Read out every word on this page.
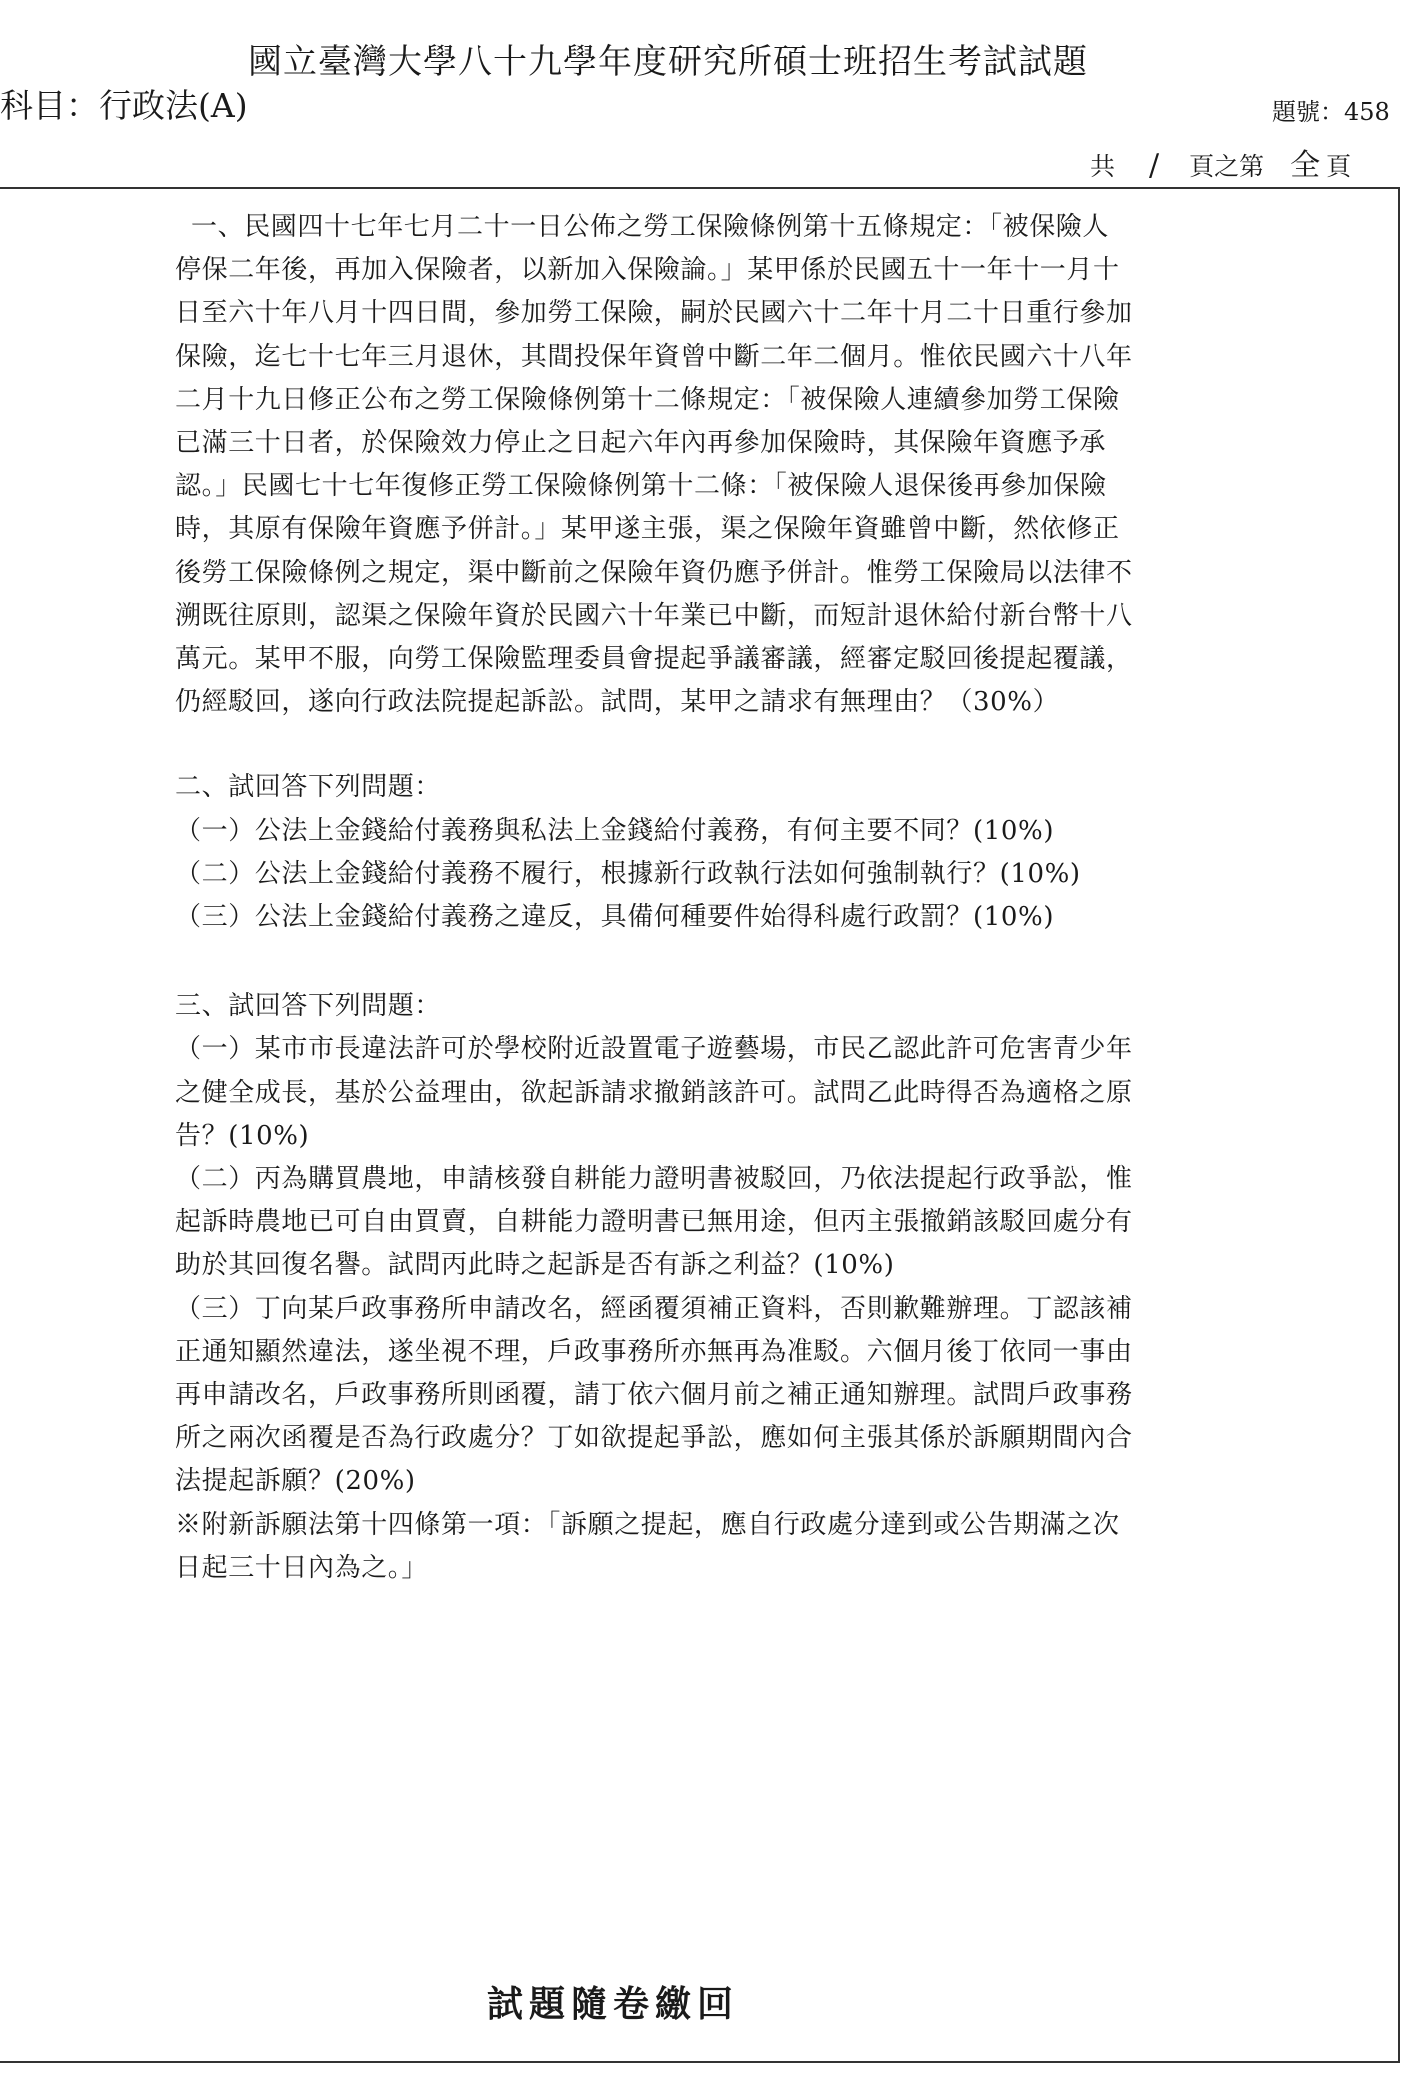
國立臺灣大學八十九學年度研究所碩士班招生考試試題
科目：行政法(A)	題號：458
共 / 頁之第 全 頁

一、民國四十七年七月二十一日公佈之勞工保險條例第十五條規定：「被保險人停保二年後，再加入保險者，以新加入保險論。」某甲係於民國五十一年十一月十日至六十年八月十四日間，參加勞工保險，嗣於民國六十二年十月二十日重行參加保險，迄七十七年三月退休，其間投保年資曾中斷二年二個月。惟依民國六十八年二月十九日修正公布之勞工保險條例第十二條規定：「被保險人連續參加勞工保險已滿三十日者，於保險效力停止之日起六年內再參加保險時，其保險年資應予承認。」民國七十七年復修正勞工保險條例第十二條：「被保險人退保後再參加保險時，其原有保險年資應予併計。」某甲遂主張，渠之保險年資雖曾中斷，然依修正後勞工保險條例之規定，渠中斷前之保險年資仍應予併計。惟勞工保險局以法律不溯既往原則，認渠之保險年資於民國六十年業已中斷，而短計退休給付新台幣十八萬元。某甲不服，向勞工保險監理委員會提起爭議審議，經審定駁回後提起覆議，仍經駁回，遂向行政法院提起訴訟。試問，某甲之請求有無理由？（30%）

二、試回答下列問題：

（一）公法上金錢給付義務與私法上金錢給付義務，有何主要不同？(10%)

（二）公法上金錢給付義務不履行，根據新行政執行法如何強制執行？(10%)

（三）公法上金錢給付義務之違反，具備何種要件始得科處行政罰？(10%)

三、試回答下列問題：

（一）某市市長違法許可於學校附近設置電子遊藝場，市民乙認此許可危害青少年之健全成長，基於公益理由，欲起訴請求撤銷該許可。試問乙此時得否為適格之原告？(10%)

（二）丙為購買農地，申請核發自耕能力證明書被駁回，乃依法提起行政爭訟，惟起訴時農地已可自由買賣，自耕能力證明書已無用途，但丙主張撤銷該駁回處分有助於其回復名譽。試問丙此時之起訴是否有訴之利益？(10%)

（三）丁向某戶政事務所申請改名，經函覆須補正資料，否則歉難辦理。丁認該補正通知顯然違法，遂坐視不理，戶政事務所亦無再為准駁。六個月後丁依同一事由再申請改名，戶政事務所則函覆，請丁依六個月前之補正通知辦理。試問戶政事務所之兩次函覆是否為行政處分？丁如欲提起爭訟，應如何主張其係於訴願期間內合法提起訴願？(20%)

※附新訴願法第十四條第一項：「訴願之提起，應自行政處分達到或公告期滿之次日起三十日內為之。」

試題隨卷繳回
